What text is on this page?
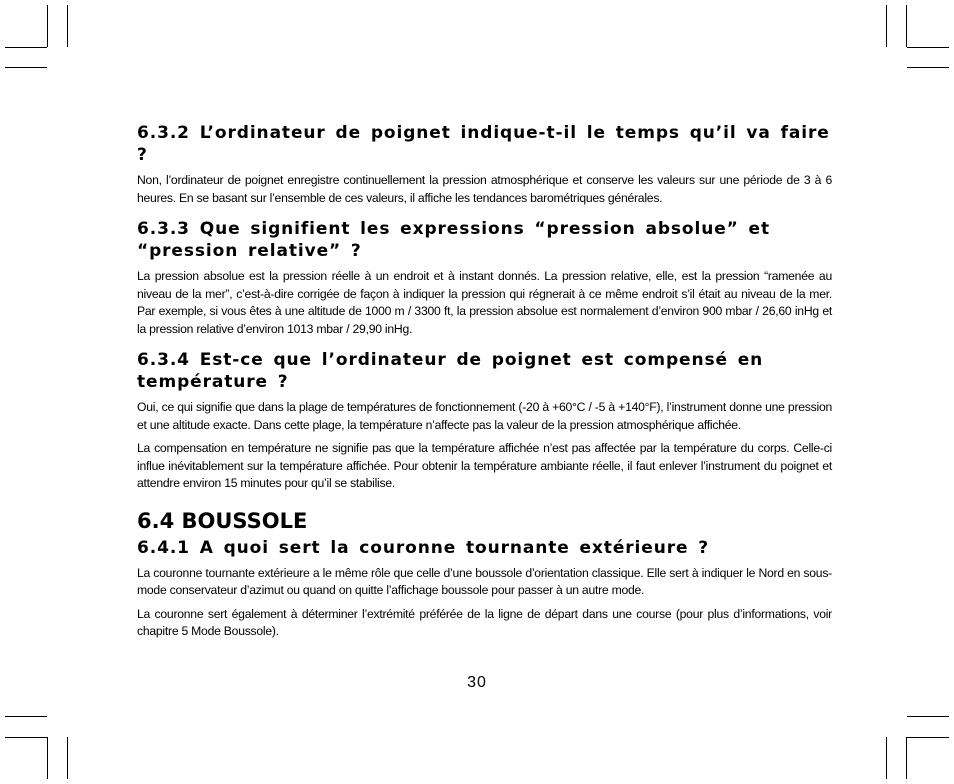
6.3.2 L’ordinateur de poignet indique-t-il le temps qu’il va faire ?

Non, l’ordinateur de poignet enregistre continuellement la pression atmosphérique et conserve les valeurs sur une période de 3 à 6 heures. En se basant sur l’ensemble de ces valeurs, il affiche les tendances barométriques générales.

6.3.3 Que signifient les expressions “pression absolue” et “pression relative” ?

La pression absolue est la pression réelle à un endroit et à instant donnés. La pression relative, elle, est la pression “ramenée au niveau de la mer”, c’est-à-dire corrigée de façon à indiquer la pression qui régnerait à ce même endroit s’il était au niveau de la mer. Par exemple, si vous êtes à une altitude de 1000 m / 3300 ft, la pression absolue est normalement d’environ 900 mbar / 26,60 inHg et la pression relative d’environ 1013 mbar / 29,90 inHg.

6.3.4 Est-ce que l’ordinateur de poignet est compensé en température ?

Oui, ce qui signifie que dans la plage de températures de fonctionnement (-20 à +60°C / -5 à +140°F), l’instrument donne une pression et une altitude exacte. Dans cette plage, la température n’affecte pas la valeur de la pression atmosphérique affichée.

La compensation en température ne signifie pas que la température affichée n’est pas affectée par la température du corps. Celle-ci influe inévitablement sur la température affichée. Pour obtenir la température ambiante réelle, il faut enlever l’instrument du poignet et attendre environ 15 minutes pour qu’il se stabilise.

6.4 BOUSSOLE
6.4.1 A quoi sert la couronne tournante extérieure ?

La couronne tournante extérieure a le même rôle que celle d’une boussole d’orientation classique. Elle sert à indiquer le Nord en sous-mode conservateur d’azimut ou quand on quitte l’affichage boussole pour passer à un autre mode.

La couronne sert également à déterminer l’extrémité préférée de la ligne de départ dans une course (pour plus d’informations, voir chapitre 5 Mode Boussole).

30
